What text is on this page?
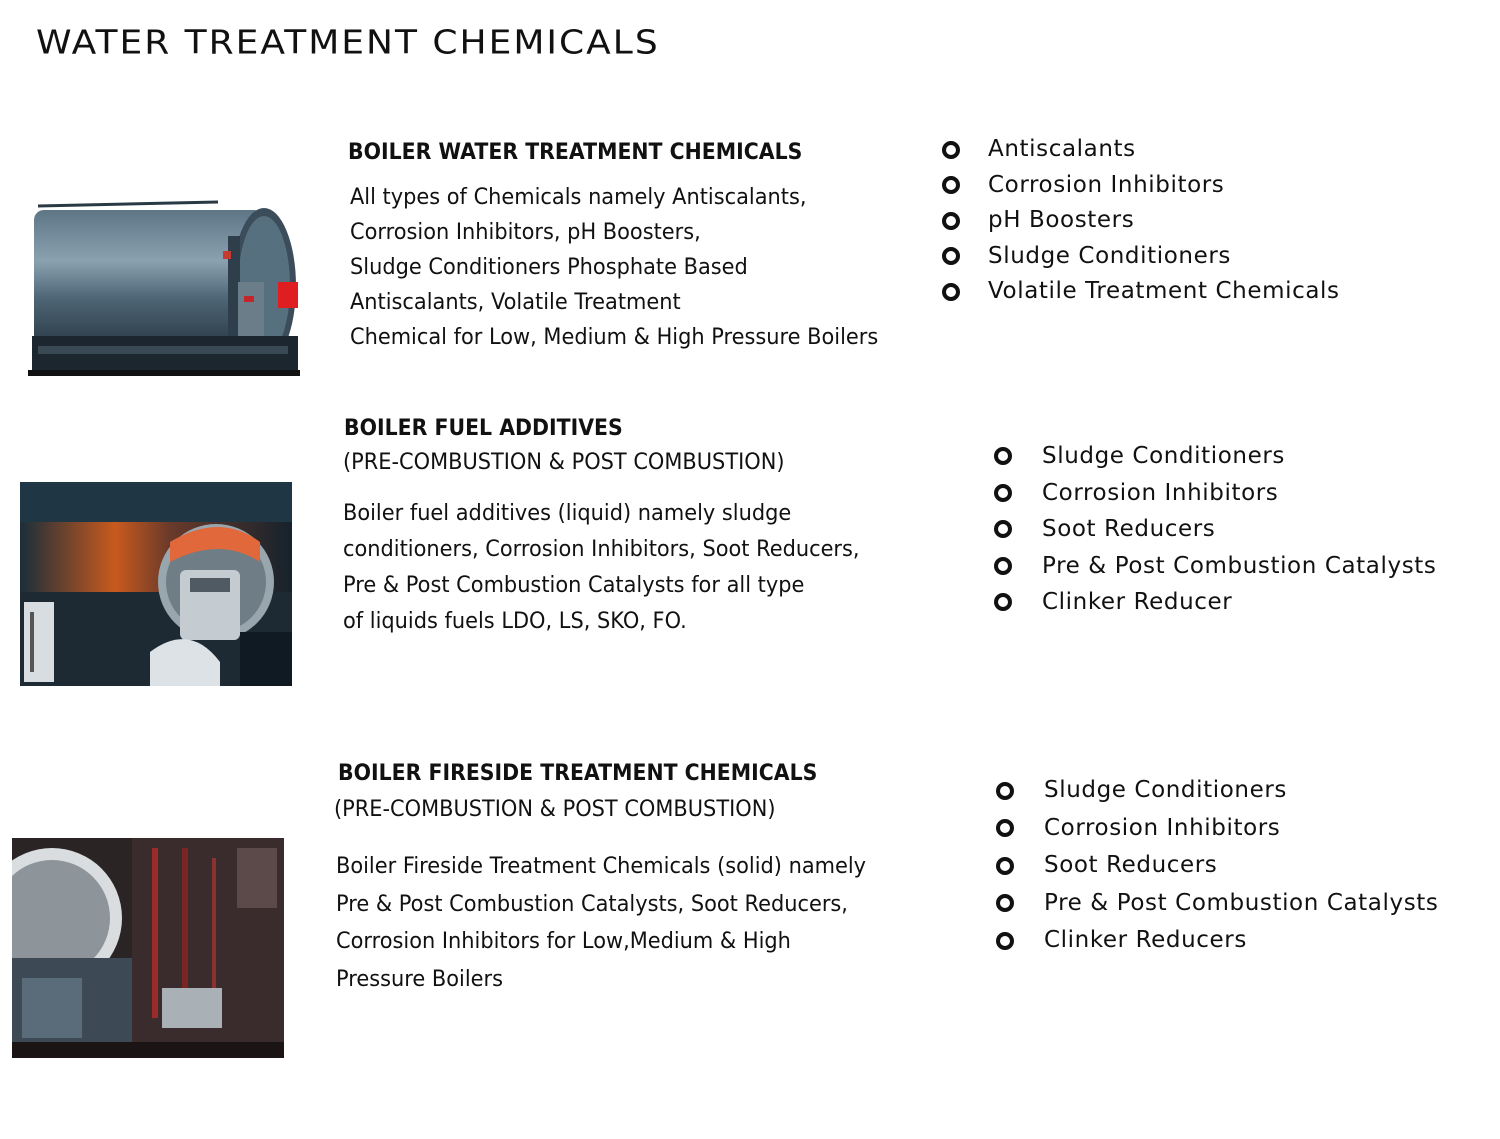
WATER TREATMENT CHEMICALS
BOILER WATER TREATMENT CHEMICALS
All types of Chemicals namely Antiscalants,
Corrosion Inhibitors, pH Boosters,
Sludge Conditioners Phosphate Based
Antiscalants, Volatile Treatment
Chemical for Low, Medium & High Pressure Boilers
Antiscalants
Corrosion Inhibitors
pH Boosters
Sludge Conditioners
Volatile Treatment Chemicals
BOILER FUEL ADDITIVES
(PRE-COMBUSTION & POST COMBUSTION)
Boiler fuel additives (liquid) namely sludge
conditioners, Corrosion Inhibitors, Soot Reducers,
Pre & Post Combustion Catalysts for all type
of liquids fuels LDO, LS, SKO, FO.
Sludge Conditioners
Corrosion Inhibitors
Soot Reducers
Pre & Post Combustion Catalysts
Clinker Reducer
BOILER FIRESIDE TREATMENT CHEMICALS
(PRE-COMBUSTION & POST COMBUSTION)
Boiler Fireside Treatment Chemicals (solid) namely
Pre & Post Combustion Catalysts, Soot Reducers,
Corrosion Inhibitors for Low,Medium & High
Pressure Boilers
Sludge Conditioners
Corrosion Inhibitors
Soot Reducers
Pre & Post Combustion Catalysts
Clinker Reducers
